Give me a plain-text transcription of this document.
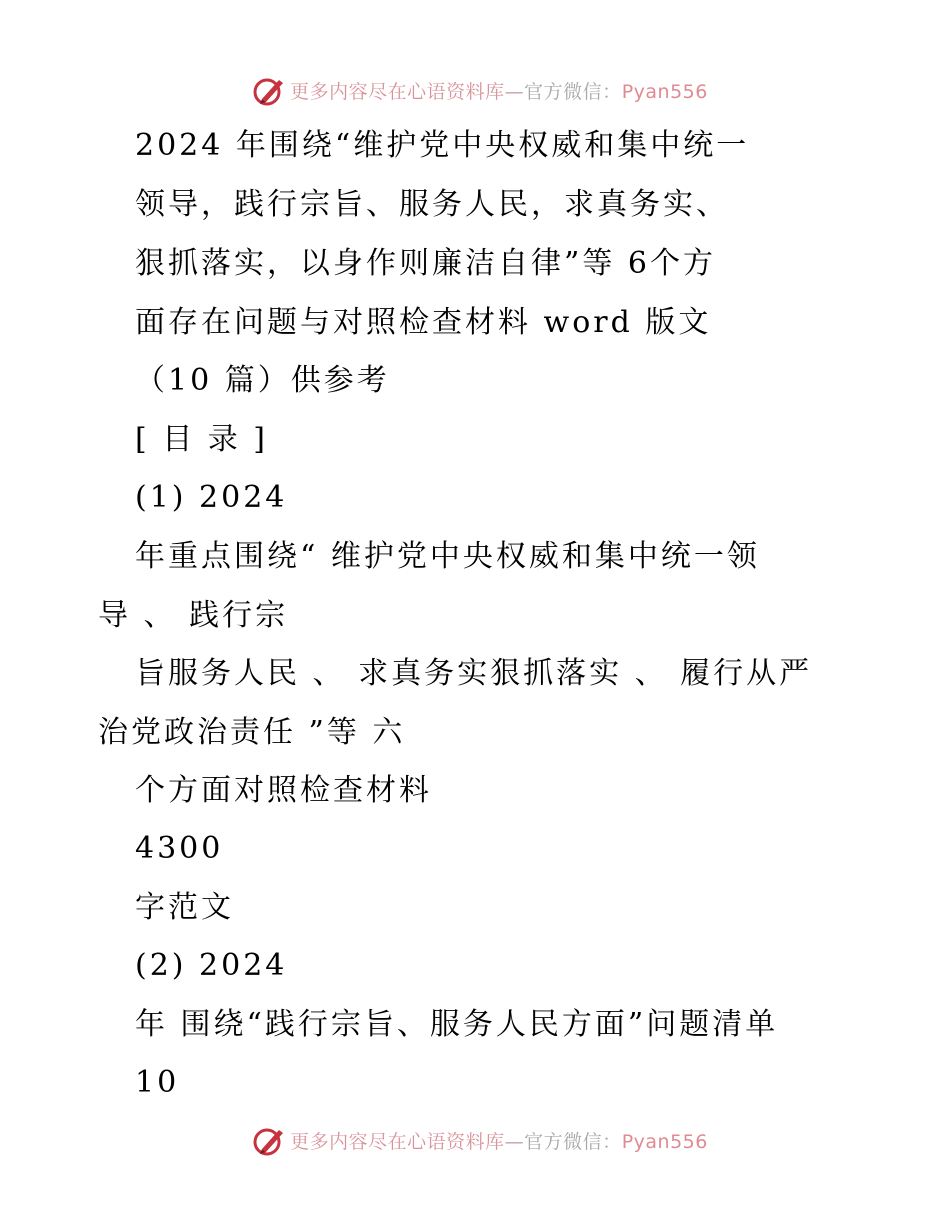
更多内容尽在心语资料库—官方微信：Pyan556
2024 年围绕“维护党中央权威和集中统一
领导，践行宗旨、服务人民，求真务实、
狠抓落实，以身作则廉洁自律”等 6个方
面存在问题与对照检查材料 word 版文
（10 篇）供参考
[ 目 录 ]
(1) 2024
年重点围绕“ 维护党中央权威和集中统一领
导 、 践行宗
旨服务人民 、 求真务实狠抓落实 、 履行从严
治党政治责任 ”等 六
个方面对照检查材料
4300
字范文
(2) 2024
年 围绕“践行宗旨、服务人民方面”问题清单
10
更多内容尽在心语资料库—官方微信：Pyan556
